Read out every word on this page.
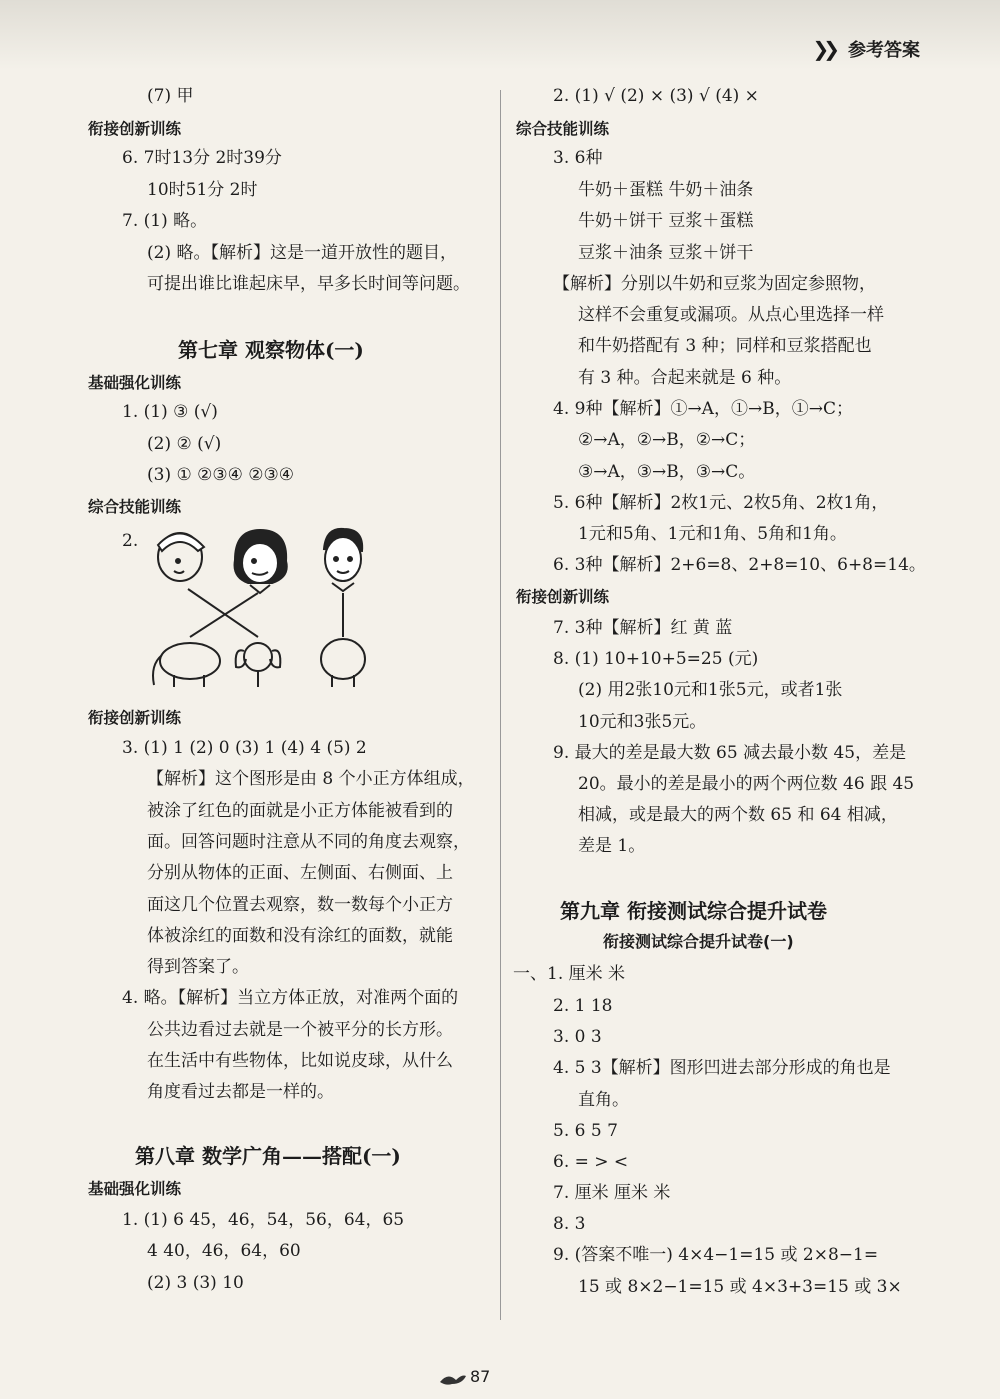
❯❯ 参考答案
(7) 甲
衔接创新训练
6. 7时13分 2时39分
10时51分 2时
7. (1) 略。
(2) 略。【解析】这是一道开放性的题目，
可提出谁比谁起床早，早多长时间等问题。
第七章 观察物体(一)
基础强化训练
1. (1) ③ (√)
(2) ② (√)
(3) ① ②③④ ②③④
综合技能训练
2.
衔接创新训练
3. (1) 1 (2) 0 (3) 1 (4) 4 (5) 2
【解析】这个图形是由 8 个小正方体组成，
被涂了红色的面就是小正方体能被看到的
面。回答问题时注意从不同的角度去观察，
分别从物体的正面、左侧面、右侧面、上
面这几个位置去观察，数一数每个小正方
体被涂红的面数和没有涂红的面数，就能
得到答案了。
4. 略。【解析】当立方体正放，对准两个面的
公共边看过去就是一个被平分的长方形。
在生活中有些物体，比如说皮球，从什么
角度看过去都是一样的。
第八章 数学广角——搭配(一)
基础强化训练
1. (1) 6 45，46，54，56，64，65
4 40，46，64，60
(2) 3 (3) 10
2. (1) √ (2) × (3) √ (4) ×
综合技能训练
3. 6种
牛奶＋蛋糕 牛奶＋油条
牛奶＋饼干 豆浆＋蛋糕
豆浆＋油条 豆浆＋饼干
【解析】分别以牛奶和豆浆为固定参照物，
这样不会重复或漏项。从点心里选择一样
和牛奶搭配有 3 种；同样和豆浆搭配也
有 3 种。合起来就是 6 种。
4. 9种【解析】①→A，①→B，①→C；
②→A，②→B，②→C；
③→A，③→B，③→C。
5. 6种【解析】2枚1元、2枚5角、2枚1角，
1元和5角、1元和1角、5角和1角。
6. 3种【解析】2+6=8、2+8=10、6+8=14。
衔接创新训练
7. 3种【解析】红 黄 蓝
8. (1) 10+10+5=25 (元)
(2) 用2张10元和1张5元，或者1张
10元和3张5元。
9. 最大的差是最大数 65 减去最小数 45，差是
20。最小的差是最小的两个两位数 46 跟 45
相减，或是最大的两个数 65 和 64 相减，
差是 1。
第九章 衔接测试综合提升试卷
衔接测试综合提升试卷(一)
一、1. 厘米 米
2. 1 18
3. 0 3
4. 5 3【解析】图形凹进去部分形成的角也是
直角。
5. 6 5 7
6. = > <
7. 厘米 厘米 米
8. 3
9. (答案不唯一) 4×4−1=15 或 2×8−1=
15 或 8×2−1=15 或 4×3+3=15 或 3×
87
